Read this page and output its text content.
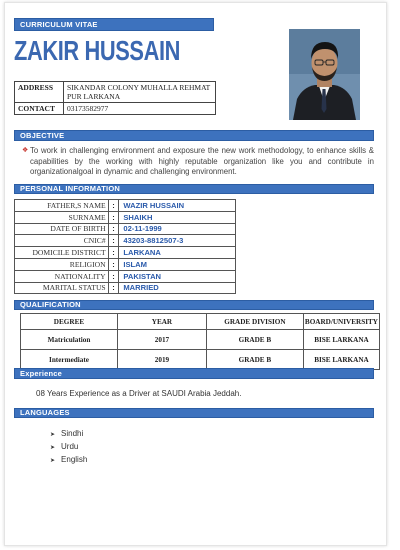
CURRICULUM VITAE
ZAKIR HUSSAIN
ADDRESS	SIKANDAR COLONY MUHALLA REHMAT PUR LARKANA
CONTACT	03173582977
OBJECTIVE
❖ To work in challenging environment and exposure the new work methodology, to enhance skills & capabilities by the working with highly reputable organization like you and contribute in organizationalgoal in dynamic and challenging environment.
PERSONAL INFORMATION
FATHER,S NAME	:	WAZIR HUSSAIN
SURNAME	:	SHAIKH
DATE OF BIRTH	:	02-11-1999
CNIC#	:	43203-8812507-3
DOMICILE DISTRICT	:	LARKANA
RELIGION	:	ISLAM
NATIONALITY	:	PAKISTAN
MARITAL STATUS	:	MARRIED
QUALIFICATION
DEGREE	YEAR	GRADE DIVISION	BOARD/UNIVERSITY
Matriculation	2017	GRADE B	BISE LARKANA
Intermediate	2019	GRADE B	BISE LARKANA
Experience
08 Years Experience as a Driver at SAUDI Arabia Jeddah.
LANGUAGES
➤ Sindhi
➤ Urdu
➤ English
